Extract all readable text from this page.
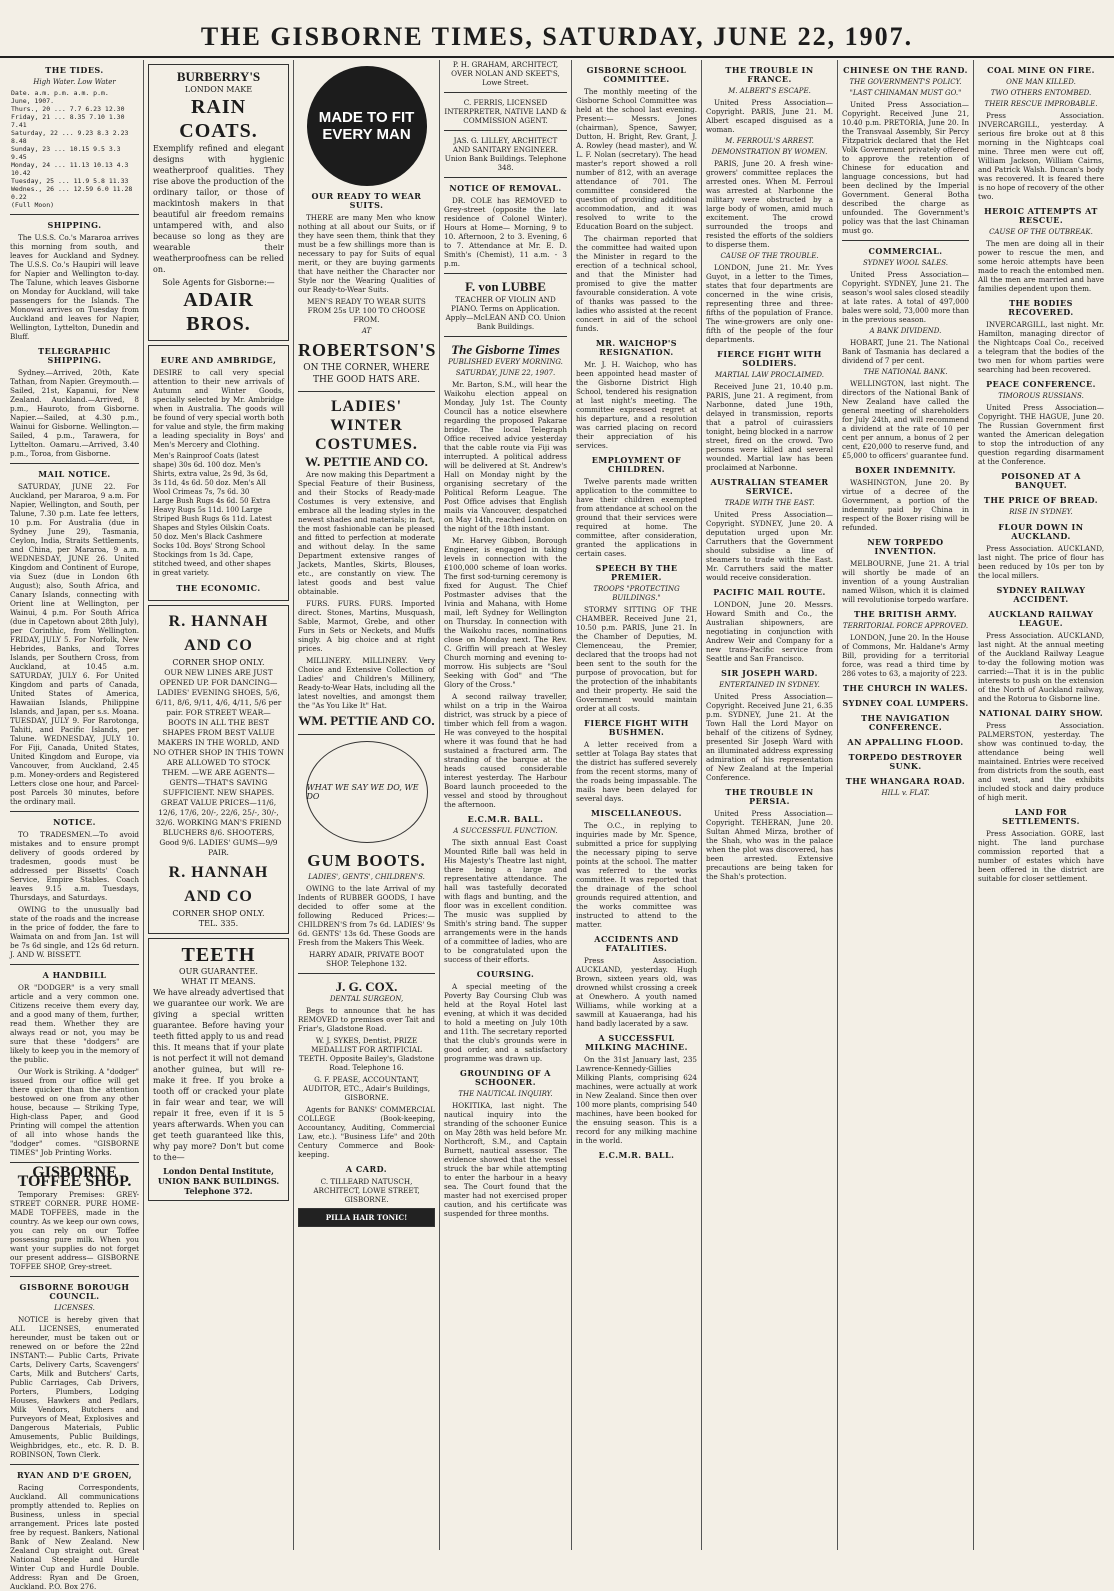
THE GISBORNE TIMES, SATURDAY, JUNE 22, 1907.
THE TIDES.
High Water. Low Water
Date. a.m. p.m. a.m. p.m.
June, 1907.
Thurs., 20 ... 7.7 6.23 12.30
Friday, 21 ... 8.35 7.10 1.30 7.41
Saturday, 22 ... 9.23 8.3 2.23 8.48
Sunday, 23 ... 10.15 9.5 3.3 9.45
Monday, 24 ... 11.13 10.13 4.3 10.42
Tuesday, 25 ... 11.9 5.8 11.33
Wednes., 26 ... 12.59 6.0 11.28 0.22
(Full Moon)
SHIPPING.

The U.S.S. Co.'s Mararoa arrives this morning from south, and leaves for Auckland and Sydney. The U.S.S. Co.'s Haupiri will leave for Napier and Wellington to-day. The Talune, which leaves Gisborne on Monday for Auckland, will take passengers for the Islands. The Monowai arrives on Tuesday from Auckland and leaves for Napier, Wellington, Lyttelton, Dunedin and Bluff.

TELEGRAPHIC SHIPPING.

Sydney.—Arrived, 20th, Kate Tathan, from Napier. Greymouth.—Sailed, 21st, Kapanui, for New Zealand. Auckland.—Arrived, 8 p.m., Hauroto, from Gisborne. Napier.—Sailed, at 4.30 p.m., Wainui for Gisborne. Wellington.—Sailed, 4 p.m., Tarawera, for Lyttelton. Oamaru.—Arrived, 3.40 p.m., Toroa, from Gisborne.

MAIL NOTICE.

SATURDAY, JUNE 22. For Auckland, per Mararoa, 9 a.m. For Napier, Wellington, and South, per Talune, 7.30 p.m. Late fee letters, 10 p.m. For Australia (due in Sydney June 29), Tasmania, Ceylon, India, Straits Settlements, and China, per Mararoa, 9 a.m. WEDNESDAY, JUNE 26. United Kingdom and Continent of Europe, via Suez (due in London 6th August); also, South Africa, and Canary Islands, connecting with Orient line at Wellington, per Wainui, 4 p.m. For South Africa (due in Capetown about 28th July), per Corinthic, from Wellington. FRIDAY, JULY 5. For Norfolk, New Hebrides, Banks, and Torres Islands, per Southern Cross, from Auckland, at 10.45 a.m. SATURDAY, JULY 6. For United Kingdom and parts of Canada, United States of America, Hawaiian Islands, Philippine Islands, and Japan, per s.s. Moana. TUESDAY, JULY 9. For Rarotonga, Tahiti, and Pacific Islands, per Talune. WEDNESDAY, JULY 10. For Fiji, Canada, United States, United Kingdom and Europe, via Vancouver, from Auckland, 2.45 p.m. Money-orders and Registered Letters close one hour, and Parcel-post Parcels 30 minutes, before the ordinary mail.

NOTICE.

TO TRADESMEN.—To avoid mistakes and to ensure prompt delivery of goods ordered by tradesmen, goods must be addressed per Bissetts' Coach Service, Empire Stables. Coach leaves 9.15 a.m. Tuesdays, Thursdays, and Saturdays.

OWING to the unusually bad state of the roads and the increase in the price of fodder, the fare to Waimata on and from Jan. 1st will be 7s 6d single, and 12s 6d return. J. AND W. BISSETT.

A HANDBILL

OR "DODGER" is a very small article and a very common one. Citizens receive them every day, and a good many of them, further, read them. Whether they are always read or not, you may be sure that these "dodgers" are likely to keep you in the memory of the public.

Our Work is Striking. A "dodger" issued from our office will get there quicker than the attention bestowed on one from any other house, because — Striking Type, High-class Paper, and Good Printing will compel the attention of all into whose hands the "dodger" comes. "GISBORNE TIMES" Job Printing Works.

GISBORNE TOFFEE SHOP.

Temporary Premises: GREY-STREET CORNER. PURE HOME-MADE TOFFEES, made in the country. As we keep our own cows, you can rely on our Toffee possessing pure milk. When you want your supplies do not forget our present address— GISBORNE TOFFEE SHOP, Grey-street.

GISBORNE BOROUGH COUNCIL.
LICENSES.

NOTICE is hereby given that ALL LICENSES, enumerated hereunder, must be taken out or renewed on or before the 22nd INSTANT:— Public Carts, Private Carts, Delivery Carts, Scavengers' Carts, Milk and Butchers' Carts, Public Carriages, Cab Drivers, Porters, Plumbers, Lodging Houses, Hawkers and Pedlars, Milk Vendors, Butchers and Purveyors of Meat, Explosives and Dangerous Materials, Public Amusements, Public Buildings, Weighbridges, etc., etc. R. D. B. ROBINSON, Town Clerk.

RYAN AND D'E GROEN,

Racing Correspondents, Auckland. All communications promptly attended to. Replies on Business, unless in special arrangement. Prices late posted free by request. Bankers, National Bank of New Zealand. New Zealand Cup straight out. Great National Steeple and Hurdle Winter Cup and Hurdle Double. Address: Ryan and De Groen, Auckland. P.O. Box 276.

BURBERRY'S
LONDON MAKE
RAIN COATS.

Exemplify refined and elegant designs with hygienic weatherproof qualities. They rise above the production of the ordinary tailor, or those of mackintosh makers in that beautiful air freedom remains untampered with, and also because so long as they are wearable their weatherproofness can be relied on.

Sole Agents for Gisborne:—
ADAIR BROS.
EURE AND AMBRIDGE,

DESIRE to call very special attention to their new arrivals of Autumn and Winter Goods, specially selected by Mr. Ambridge when in Australia. The goods will be found of very special worth both for value and style, the firm making a leading speciality in Boys' and Men's Mercery and Clothing.

Men's Rainproof Coats (latest shape) 30s 6d. 100 doz. Men's Shirts, extra value, 2s 9d, 3s 6d, 3s 11d, 4s 6d. 50 doz. Men's All Wool Crimeas 7s, 7s 6d. 30 Large Bush Rugs 4s 6d. 50 Extra Heavy Rugs 5s 11d. 100 Large Striped Bush Rugs 6s 11d. Latest Shapes and Styles Oilskin Coats. 50 doz. Men's Black Cashmere Socks 10d. Boys' Strong School Stockings from 1s 3d. Cape, stitched tweed, and other shapes in great variety.

THE ECONOMIC.
R. HANNAH AND CO
CORNER SHOP ONLY.

OUR NEW LINES ARE JUST OPENED UP. FOR DANCING— LADIES' EVENING SHOES, 5/6, 6/11, 8/6, 9/11, 4/6, 4/11, 5/6 per pair. FOR STREET WEAR— BOOTS IN ALL THE BEST SHAPES FROM BEST VALUE MAKERS IN THE WORLD, AND NO OTHER SHOP IN THIS TOWN ARE ALLOWED TO STOCK THEM. —WE ARE AGENTS— GENTS—THAT'S SAVING SUFFICIENT. NEW SHAPES. GREAT VALUE PRICES—11/6, 12/6, 17/6, 20/-, 22/6, 25/-, 30/-, 32/6. WORKING MAN'S FRIEND BLUCHERS 8/6. SHOOTERS, Good 9/6. LADIES' GUMS—9/9 PAIR.

R. HANNAH AND CO
CORNER SHOP ONLY.
TEL. 335.
TEETH
OUR GUARANTEE.
WHAT IT MEANS.

We have already advertised that we guarantee our work. We are giving a special written guarantee. Before having your teeth fitted apply to us and read this. It means that if your plate is not perfect it will not demand another guinea, but will re-make it free. If you broke a tooth off or cracked your plate in fair wear and tear, we will repair it free, even if it is 5 years afterwards. When you can get teeth guaranteed like this, why pay more? Don't but come to the—

London Dental Institute, UNION BANK BUILDINGS. Telephone 372.
MADE TO FIT EVERY MAN
OUR READY TO WEAR SUITS.

THERE are many Men who know nothing at all about our Suits, or if they have seen them, think that they must be a few shillings more than is necessary to pay for Suits of equal merit, or they are buying garments that have neither the Character nor Style nor the Wearing Qualities of our Ready-to-Wear Suits.

MEN'S READY TO WEAR SUITS FROM 25s UP. 100 TO CHOOSE FROM.

AT
ROBERTSON'S

ON THE CORNER, WHERE THE GOOD HATS ARE.

LADIES' WINTER COSTUMES.
W. PETTIE AND CO.

Are now making this Department a Special Feature of their Business, and their Stocks of Ready-made Costumes is very extensive, and embrace all the leading styles in the newest shades and materials; in fact, the most fashionable can be pleased and fitted to perfection at moderate and without delay. In the same Department extensive ranges of Jackets, Mantles, Skirts, Blouses, etc., are constantly on view. The latest goods and best value obtainable.

FURS. FURS. FURS. Imported direct. Stones, Martins, Musquash, Sable, Marmot, Grebe, and other Furs in Sets or Neckets, and Muffs singly. A big choice and at right prices.

MILLINERY. MILLINERY. Very Choice and Extensive Collection of Ladies' and Children's Millinery, Ready-to-Wear Hats, including all the latest novelties, and amongst them the "As You Like It" Hat.

WM. PETTIE AND CO.
WHAT WE SAY WE DO, WE DO
GUM BOOTS.
LADIES', GENTS', CHILDREN'S.

OWING to the late Arrival of my Indents of RUBBER GOODS, I have decided to offer some at the following Reduced Prices:— CHILDREN'S from 7s 6d. LADIES' 9s 6d. GENTS' 13s 6d. These Goods are Fresh from the Makers This Week.

HARRY ADAIR, PRIVATE BOOT SHOP. Telephone 132.

J. G. COX.
DENTAL SURGEON,

Begs to announce that he has REMOVED to premises over Tait and Friar's, Gladstone Road.

W. J. SYKES, Dentist, PRIZE MEDALLIST FOR ARTIFICIAL TEETH. Opposite Bailey's, Gladstone Road. Telephone 16.

G. F. PEASE, ACCOUNTANT, AUDITOR, ETC., Adair's Buildings, GISBORNE.

Agents for BANKS' COMMERCIAL COLLEGE (Book-keeping, Accountancy, Auditing, Commercial Law, etc.). "Business Life" and 20th Century Commerce and Book-keeping.

A CARD.

C. TILLEARD NATUSCH, ARCHITECT, LOWE STREET, GISBORNE.

PILLA HAIR TONIC!

P. H. GRAHAM, ARCHITECT, OVER NOLAN AND SKEET'S, Lowe Street.

C. FERRIS, LICENSED INTERPRETER, NATIVE LAND & COMMISSION AGENT.

JAS. G. LILLEY, ARCHITECT AND SANITARY ENGINEER. Union Bank Buildings. Telephone 348.

NOTICE OF REMOVAL.

DR. COLE has REMOVED to Grey-street (opposite the late residence of Colonel Winter). Hours at Home— Morning, 9 to 10. Afternoon, 2 to 3. Evening, 6 to 7. Attendance at Mr. E. D. Smith's (Chemist), 11 a.m. - 3 p.m.

F. von LUBBE

TEACHER OF VIOLIN AND PIANO. Terms on Application. Apply—McLEAN AND CO. Union Bank Buildings.

The Gisborne Times
PUBLISHED EVERY MORNING.
SATURDAY, JUNE 22, 1907.

Mr. Barton, S.M., will hear the Waikohu election appeal on Monday, July 1st. The County Council has a notice elsewhere regarding the proposed Pakarae bridge. The local Telegraph Office received advice yesterday that the cable route via Fiji was interrupted. A political address will be delivered at St. Andrew's Hall on Monday night by the organising secretary of the Political Reform League. The Post Office advises that English mails via Vancouver, despatched on May 14th, reached London on the night of the 18th instant.

Mr. Harvey Gibbon, Borough Engineer, is engaged in taking levels in connection with the £100,000 scheme of loan works. The first sod-turning ceremony is fixed for August. The Chief Postmaster advises that the Ivinia and Mahana, with Home mail, left Sydney for Wellington on Thursday. In connection with the Waikohu races, nominations close on Monday next. The Rev. C. Griffin will preach at Wesley Church morning and evening to-morrow. His subjects are "Soul Seeking with God" and "The Glory of the Cross."

A second railway traveller, whilst on a trip in the Wairoa district, was struck by a piece of timber which fell from a wagon. He was conveyed to the hospital where it was found that he had sustained a fractured arm. The stranding of the barque at the heads caused considerable interest yesterday. The Harbour Board launch proceeded to the vessel and stood by throughout the afternoon.

E.C.M.R. BALL.
A SUCCESSFUL FUNCTION.

The sixth annual East Coast Mounted Rifle ball was held in His Majesty's Theatre last night, there being a large and representative attendance. The hall was tastefully decorated with flags and bunting, and the floor was in excellent condition. The music was supplied by Smith's string band. The supper arrangements were in the hands of a committee of ladies, who are to be congratulated upon the success of their efforts.

COURSING.

A special meeting of the Poverty Bay Coursing Club was held at the Royal Hotel last evening, at which it was decided to hold a meeting on July 10th and 11th. The secretary reported that the club's grounds were in good order, and a satisfactory programme was drawn up.

GROUNDING OF A SCHOONER.
THE NAUTICAL INQUIRY.

HOKITIKA, last night. The nautical inquiry into the stranding of the schooner Eunice on May 28th was held before Mr. Northcroft, S.M., and Captain Burnett, nautical assessor. The evidence showed that the vessel struck the bar while attempting to enter the harbour in a heavy sea. The Court found that the master had not exercised proper caution, and his certificate was suspended for three months.

GISBORNE SCHOOL COMMITTEE.

The monthly meeting of the Gisborne School Committee was held at the school last evening. Present:— Messrs. Jones (chairman), Spence, Sawyer, Dutton, H. Bright, Rev. Grant, J. A. Rowley (head master), and W. L. F. Nolan (secretary). The head master's report showed a roll number of 812, with an average attendance of 701. The committee considered the question of providing additional accommodation, and it was resolved to write to the Education Board on the subject.

The chairman reported that the committee had waited upon the Minister in regard to the erection of a technical school, and that the Minister had promised to give the matter favourable consideration. A vote of thanks was passed to the ladies who assisted at the recent concert in aid of the school funds.

MR. WAICHOP'S RESIGNATION.

Mr. J. H. Waichop, who has been appointed head master of the Gisborne District High School, tendered his resignation at last night's meeting. The committee expressed regret at his departure, and a resolution was carried placing on record their appreciation of his services.

EMPLOYMENT OF CHILDREN.

Twelve parents made written application to the committee to have their children exempted from attendance at school on the ground that their services were required at home. The committee, after consideration, granted the applications in certain cases.

SPEECH BY THE PREMIER.
TROOPS "PROTECTING BUILDINGS."

STORMY SITTING OF THE CHAMBER. Received June 21, 10.50 p.m. PARIS, June 21. In the Chamber of Deputies, M. Clemenceau, the Premier, declared that the troops had not been sent to the south for the purpose of provocation, but for the protection of the inhabitants and their property. He said the Government would maintain order at all costs.

FIERCE FIGHT WITH BUSHMEN.

A letter received from a settler at Tolaga Bay states that the district has suffered severely from the recent storms, many of the roads being impassable. The mails have been delayed for several days.

MISCELLANEOUS.

The O.C., in replying to inquiries made by Mr. Spence, submitted a price for supplying the necessary piping to serve points at the school. The matter was referred to the works committee. It was reported that the drainage of the school grounds required attention, and the works committee was instructed to attend to the matter.

ACCIDENTS AND FATALITIES.

Press Association. AUCKLAND, yesterday. Hugh Brown, sixteen years old, was drowned whilst crossing a creek at Onewhero. A youth named Williams, while working at a sawmill at Kauaeranga, had his hand badly lacerated by a saw.

A SUCCESSFUL MILKING MACHINE.

On the 31st January last, 235 Lawrence-Kennedy-Gillies Milking Plants, comprising 624 machines, were actually at work in New Zealand. Since then over 100 more plants, comprising 540 machines, have been booked for the ensuing season. This is a record for any milking machine in the world.

E.C.M.R. BALL.
THE TROUBLE IN FRANCE.
M. ALBERT'S ESCAPE.

United Press Association—Copyright. PARIS, June 21. M. Albert escaped disguised as a woman.

M. FERROUL'S ARREST.
DEMONSTRATION BY WOMEN.

PARIS, June 20. A fresh wine-growers' committee replaces the arrested ones. When M. Ferroul was arrested at Narbonne the military were obstructed by a large body of women, amid much excitement. The crowd surrounded the troops and resisted the efforts of the soldiers to disperse them.

CAUSE OF THE TROUBLE.

LONDON, June 21. Mr. Yves Guyot, in a letter to the Times, states that four departments are concerned in the wine crisis, representing three and three-fifths of the population of France. The wine-growers are only one-fifth of the people of the four departments.

FIERCE FIGHT WITH SOLDIERS.
MARTIAL LAW PROCLAIMED.

Received June 21, 10.40 p.m. PARIS, June 21. A regiment, from Narbonne, dated June 19th, delayed in transmission, reports that a patrol of cuirassiers tonight, being blocked in a narrow street, fired on the crowd. Two persons were killed and several wounded. Martial law has been proclaimed at Narbonne.

AUSTRALIAN STEAMER SERVICE.
TRADE WITH THE EAST.

United Press Association—Copyright. SYDNEY, June 20. A deputation urged upon Mr. Carruthers that the Government should subsidise a line of steamers to trade with the East. Mr. Carruthers said the matter would receive consideration.

PACIFIC MAIL ROUTE.

LONDON, June 20. Messrs. Howard Smith and Co., the Australian shipowners, are negotiating in conjunction with Andrew Weir and Company for a new trans-Pacific service from Seattle and San Francisco.

SIR JOSEPH WARD.
ENTERTAINED IN SYDNEY.

United Press Association—Copyright. Received June 21, 6.35 p.m. SYDNEY, June 21. At the Town Hall the Lord Mayor on behalf of the citizens of Sydney, presented Sir Joseph Ward with an illuminated address expressing admiration of his representation of New Zealand at the Imperial Conference.

THE TROUBLE IN PERSIA.

United Press Association—Copyright. TEHERAN, June 20. Sultan Ahmed Mirza, brother of the Shah, who was in the palace when the plot was discovered, has been arrested. Extensive precautions are being taken for the Shah's protection.

CHINESE ON THE RAND.
THE GOVERNMENT'S POLICY.
"LAST CHINAMAN MUST GO."

United Press Association—Copyright. Received June 21, 10.40 p.m. PRETORIA, June 20. In the Transvaal Assembly, Sir Percy Fitzpatrick declared that the Het Volk Government privately offered to approve the retention of Chinese for education and language concessions, but had been declined by the Imperial Government. General Botha described the charge as unfounded. The Government's policy was that the last Chinaman must go.

COMMERCIAL.
SYDNEY WOOL SALES.

United Press Association—Copyright. SYDNEY, June 21. The season's wool sales closed steadily at late rates. A total of 497,000 bales were sold, 73,000 more than in the previous season.

A BANK DIVIDEND.

HOBART, June 21. The National Bank of Tasmania has declared a dividend of 7 per cent.

THE NATIONAL BANK.

WELLINGTON, last night. The directors of the National Bank of New Zealand have called the general meeting of shareholders for July 24th, and will recommend a dividend at the rate of 10 per cent per annum, a bonus of 2 per cent, £20,000 to reserve fund, and £5,000 to officers' guarantee fund.

BOXER INDEMNITY.

WASHINGTON, June 20. By virtue of a decree of the Government, a portion of the indemnity paid by China in respect of the Boxer rising will be refunded.

NEW TORPEDO INVENTION.

MELBOURNE, June 21. A trial will shortly be made of an invention of a young Australian named Wilson, which it is claimed will revolutionise torpedo warfare.

THE BRITISH ARMY.
TERRITORIAL FORCE APPROVED.

LONDON, June 20. In the House of Commons, Mr. Haldane's Army Bill, providing for a territorial force, was read a third time by 286 votes to 63, a majority of 223.

THE CHURCH IN WALES.
SYDNEY COAL LUMPERS.
THE NAVIGATION CONFERENCE.
AN APPALLING FLOOD.
TORPEDO DESTROYER SUNK.
THE WHANGARA ROAD.
HILL v. FLAT.
COAL MINE ON FIRE.
ONE MAN KILLED.
TWO OTHERS ENTOMBED.
THEIR RESCUE IMPROBABLE.

Press Association. INVERCARGILL, yesterday. A serious fire broke out at 8 this morning in the Nightcaps coal mine. Three men were cut off, William Jackson, William Cairns, and Patrick Walsh. Duncan's body was recovered. It is feared there is no hope of recovery of the other two.

HEROIC ATTEMPTS AT RESCUE.
CAUSE OF THE OUTBREAK.

The men are doing all in their power to rescue the men, and some heroic attempts have been made to reach the entombed men. All the men are married and have families dependent upon them.

THE BODIES RECOVERED.

INVERCARGILL, last night. Mr. Hamilton, managing director of the Nightcaps Coal Co., received a telegram that the bodies of the two men for whom parties were searching had been recovered.

PEACE CONFERENCE.
TIMOROUS RUSSIANS.

United Press Association—Copyright. THE HAGUE, June 20. The Russian Government first wanted the American delegation to stop the introduction of any question regarding disarmament at the Conference.

POISONED AT A BANQUET.
THE PRICE OF BREAD.
RISE IN SYDNEY.
FLOUR DOWN IN AUCKLAND.

Press Association. AUCKLAND, last night. The price of flour has been reduced by 10s per ton by the local millers.

SYDNEY RAILWAY ACCIDENT.
AUCKLAND RAILWAY LEAGUE.

Press Association. AUCKLAND, last night. At the annual meeting of the Auckland Railway League to-day the following motion was carried:—That it is in the public interests to push on the extension of the North of Auckland railway, and the Rotorua to Gisborne line.

NATIONAL DAIRY SHOW.

Press Association. PALMERSTON, yesterday. The show was continued to-day, the attendance being well maintained. Entries were received from districts from the south, east and west, and the exhibits included stock and dairy produce of high merit.

LAND FOR SETTLEMENTS.

Press Association. GORE, last night. The land purchase commission reported that a number of estates which have been offered in the district are suitable for closer settlement.
